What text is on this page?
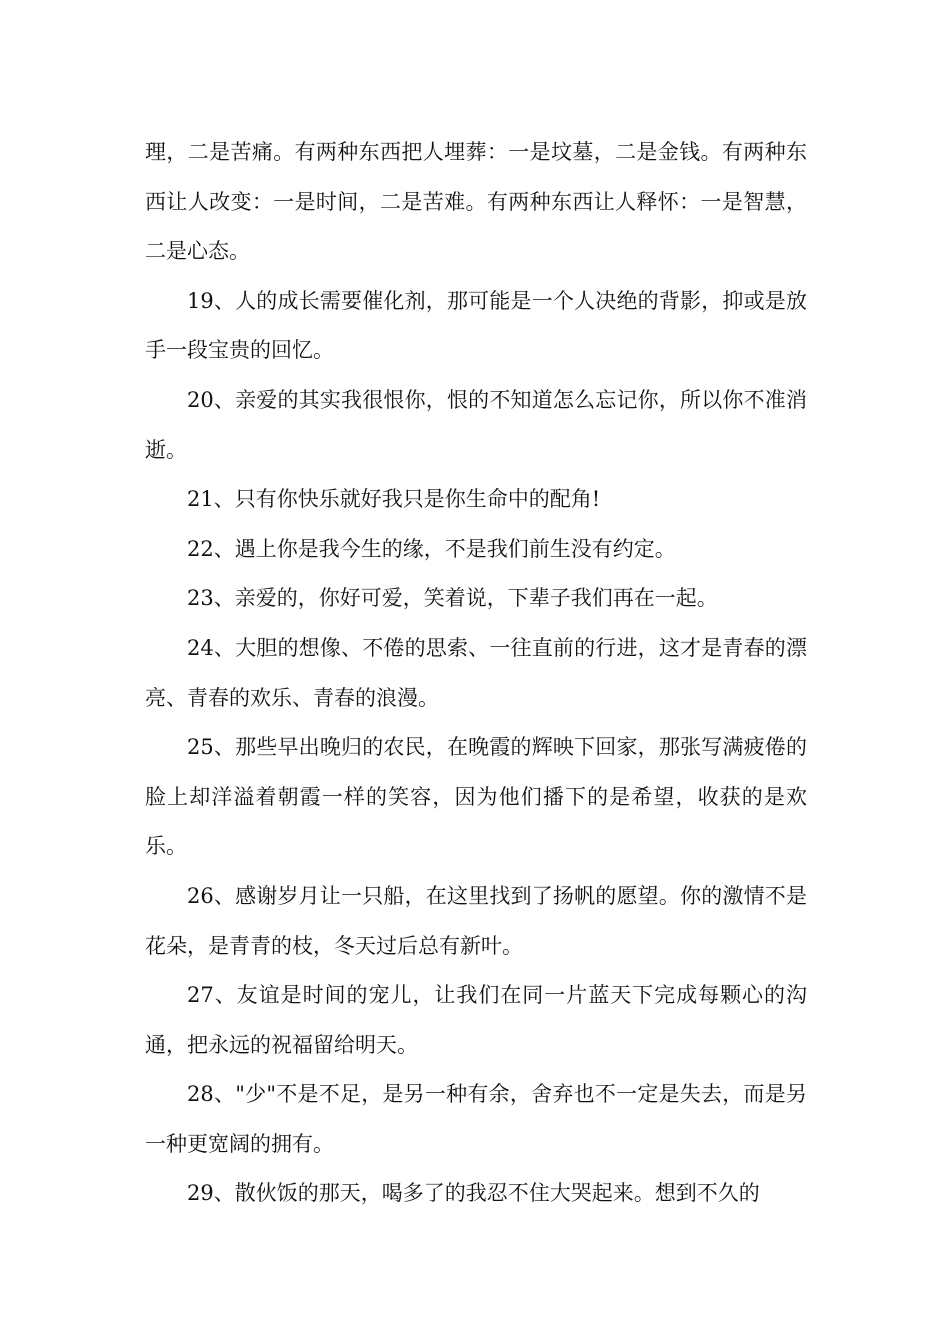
理，二是苦痛。有两种东西把人埋葬：一是坟墓，二是金钱。有两种东西让人改变：一是时间，二是苦难。有两种东西让人释怀：一是智慧，二是心态。

19、人的成长需要催化剂，那可能是一个人决绝的背影，抑或是放手一段宝贵的回忆。

20、亲爱的其实我很恨你，恨的不知道怎么忘记你，所以你不准消逝。

21、只有你快乐就好我只是你生命中的配角!

22、遇上你是我今生的缘，不是我们前生没有约定。

23、亲爱的，你好可爱，笑着说，下辈子我们再在一起。

24、大胆的想像、不倦的思索、一往直前的行进，这才是青春的漂亮、青春的欢乐、青春的浪漫。

25、那些早出晚归的农民，在晚霞的辉映下回家，那张写满疲倦的脸上却洋溢着朝霞一样的笑容，因为他们播下的是希望，收获的是欢乐。

26、感谢岁月让一只船，在这里找到了扬帆的愿望。你的激情不是花朵，是青青的枝，冬天过后总有新叶。

27、友谊是时间的宠儿，让我们在同一片蓝天下完成每颗心的沟通，把永远的祝福留给明天。

28、"少"不是不足，是另一种有余，舍弃也不一定是失去，而是另一种更宽阔的拥有。

29、散伙饭的那天，喝多了的我忍不住大哭起来。想到不久的
